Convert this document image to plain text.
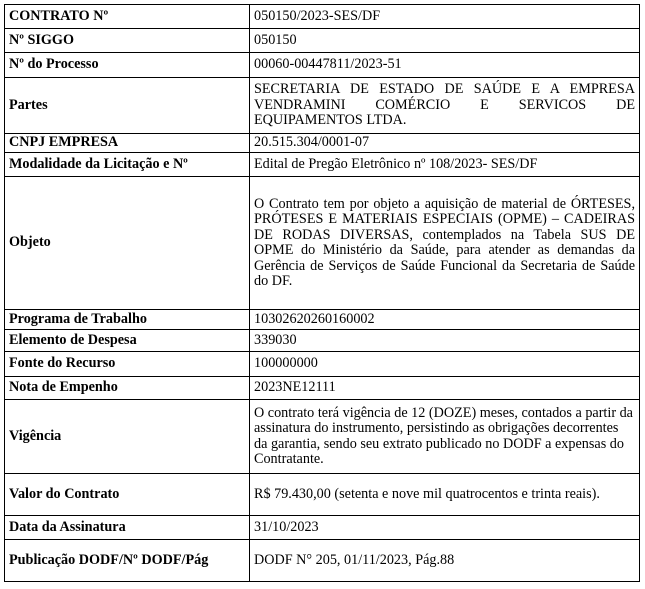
CONTRATO Nº	050150/2023-SES/DF
Nº SIGGO	050150
Nº do Processo	00060-00447811/2023-51
Partes	SECRETARIA DE ESTADO DE SAÚDE E A EMPRESA VENDRAMINI COMÉRCIO E SERVICOS DE EQUIPAMENTOS LTDA.
CNPJ EMPRESA	20.515.304/0001-07
Modalidade da Licitação e Nº	Edital de Pregão Eletrônico nº 108/2023- SES/DF
Objeto	O Contrato tem por objeto a aquisição de material de ÓRTESES, PRÓTESES E MATERIAIS ESPECIAIS (OPME) – CADEIRAS DE RODAS DIVERSAS, contemplados na Tabela SUS DE OPME do Ministério da Saúde, para atender as demandas da Gerência de Serviços de Saúde Funcional da Secretaria de Saúde do DF.
Programa de Trabalho	10302620260160002
Elemento de Despesa	339030
Fonte do Recurso	100000000
Nota de Empenho	2023NE12111
Vigência	O contrato terá vigência de 12 (DOZE) meses, contados a partir da assinatura do instrumento, persistindo as obrigações decorrentes da garantia, sendo seu extrato publicado no DODF a expensas do Contratante.
Valor do Contrato	R$ 79.430,00 (setenta e nove mil quatrocentos e trinta reais).
Data da Assinatura	31/10/2023
Publicação DODF/Nº DODF/Pág	DODF N° 205, 01/11/2023, Pág.88
